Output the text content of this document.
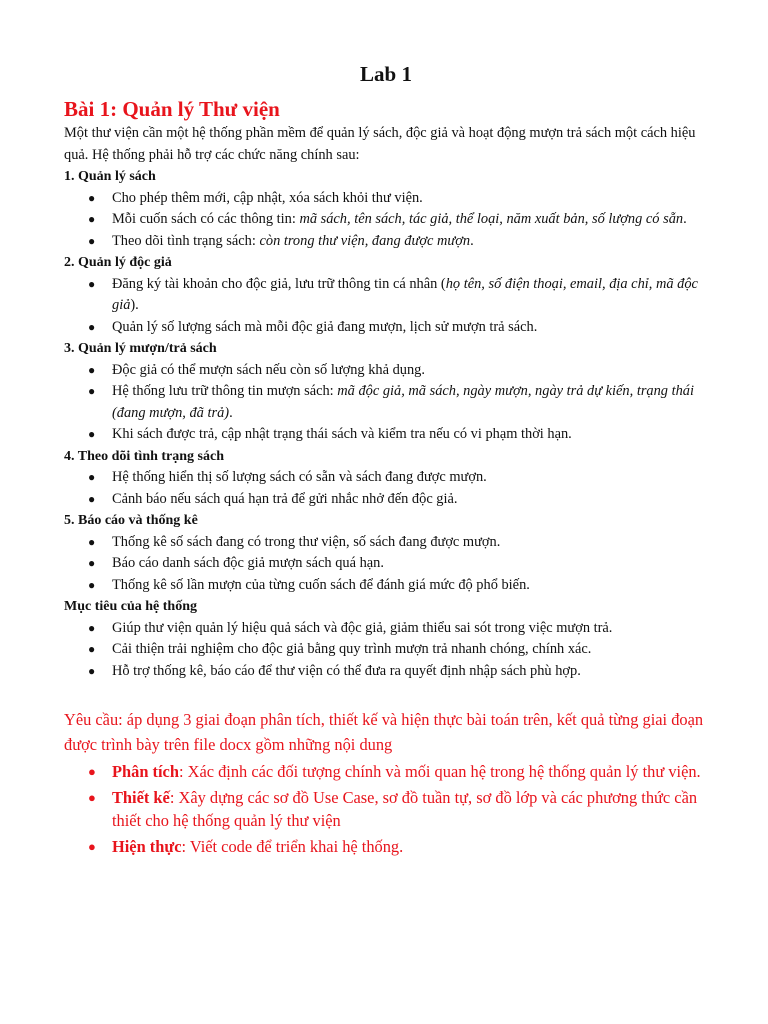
Lab 1
Bài 1: Quản lý Thư viện

Một thư viện cần một hệ thống phần mềm để quản lý sách, độc giả và hoạt động mượn trả sách một cách hiệu quả. Hệ thống phải hỗ trợ các chức năng chính sau:

1. Quản lý sách

● Cho phép thêm mới, cập nhật, xóa sách khỏi thư viện.
● Mỗi cuốn sách có các thông tin: mã sách, tên sách, tác giả, thể loại, năm xuất bản, số lượng có sẵn.
● Theo dõi tình trạng sách: còn trong thư viện, đang được mượn.

2. Quản lý độc giả

● Đăng ký tài khoản cho độc giả, lưu trữ thông tin cá nhân (họ tên, số điện thoại, email, địa chỉ, mã độc giả).
● Quản lý số lượng sách mà mỗi độc giả đang mượn, lịch sử mượn trả sách.

3. Quản lý mượn/trả sách

● Độc giả có thể mượn sách nếu còn số lượng khả dụng.
● Hệ thống lưu trữ thông tin mượn sách: mã độc giả, mã sách, ngày mượn, ngày trả dự kiến, trạng thái (đang mượn, đã trả).
● Khi sách được trả, cập nhật trạng thái sách và kiểm tra nếu có vi phạm thời hạn.

4. Theo dõi tình trạng sách

● Hệ thống hiển thị số lượng sách có sẵn và sách đang được mượn.
● Cảnh báo nếu sách quá hạn trả để gửi nhắc nhở đến độc giả.

5. Báo cáo và thống kê

● Thống kê số sách đang có trong thư viện, số sách đang được mượn.
● Báo cáo danh sách độc giả mượn sách quá hạn.
● Thống kê số lần mượn của từng cuốn sách để đánh giá mức độ phổ biến.

Mục tiêu của hệ thống

● Giúp thư viện quản lý hiệu quả sách và độc giả, giảm thiểu sai sót trong việc mượn trả.
● Cải thiện trải nghiệm cho độc giả bằng quy trình mượn trả nhanh chóng, chính xác.
● Hỗ trợ thống kê, báo cáo để thư viện có thể đưa ra quyết định nhập sách phù hợp.

Yêu cầu: áp dụng 3 giai đoạn phân tích, thiết kế và hiện thực bài toán trên, kết quả từng giai đoạn được trình bày trên file docx gồm những nội dung

● Phân tích: Xác định các đối tượng chính và mối quan hệ trong hệ thống quản lý thư viện.
● Thiết kế: Xây dựng các sơ đồ Use Case, sơ đồ tuần tự, sơ đồ lớp và các phương thức cần thiết cho hệ thống quản lý thư viện
● Hiện thực: Viết code để triển khai hệ thống.
